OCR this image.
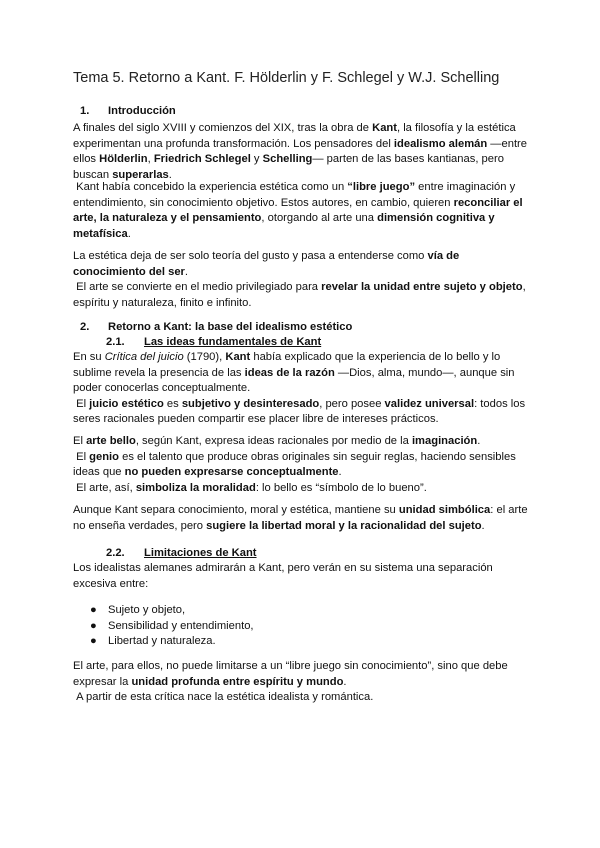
Tema 5. Retorno a Kant. F. Hölderlin y F. Schlegel y W.J. Schelling
1. Introducción

A finales del siglo XVIII y comienzos del XIX, tras la obra de Kant, la filosofía y la estética experimentan una profunda transformación. Los pensadores del idealismo alemán —entre ellos Hölderlin, Friedrich Schlegel y Schelling— parten de las bases kantianas, pero buscan superarlas.

Kant había concebido la experiencia estética como un “libre juego” entre imaginación y entendimiento, sin conocimiento objetivo. Estos autores, en cambio, quieren reconciliar el arte, la naturaleza y el pensamiento, otorgando al arte una dimensión cognitiva y metafísica.

La estética deja de ser solo teoría del gusto y pasa a entenderse como vía de conocimiento del ser.
El arte se convierte en el medio privilegiado para revelar la unidad entre sujeto y objeto, espíritu y naturaleza, finito e infinito.

2. Retorno a Kant: la base del idealismo estético
2.1. Las ideas fundamentales de Kant

En su Crítica del juicio (1790), Kant había explicado que la experiencia de lo bello y lo sublime revela la presencia de las ideas de la razón —Dios, alma, mundo—, aunque sin poder conocerlas conceptualmente.
El juicio estético es subjetivo y desinteresado, pero posee validez universal: todos los seres racionales pueden compartir ese placer libre de intereses prácticos.

El arte bello, según Kant, expresa ideas racionales por medio de la imaginación.
El genio es el talento que produce obras originales sin seguir reglas, haciendo sensibles ideas que no pueden expresarse conceptualmente.
El arte, así, simboliza la moralidad: lo bello es “símbolo de lo bueno”.

Aunque Kant separa conocimiento, moral y estética, mantiene su unidad simbólica: el arte no enseña verdades, pero sugiere la libertad moral y la racionalidad del sujeto.

2.2. Limitaciones de Kant

Los idealistas alemanes admirarán a Kant, pero verán en su sistema una separación excesiva entre:

● Sujeto y objeto,
● Sensibilidad y entendimiento,
● Libertad y naturaleza.

El arte, para ellos, no puede limitarse a un “libre juego sin conocimiento”, sino que debe expresar la unidad profunda entre espíritu y mundo.
A partir de esta crítica nace la estética idealista y romántica.
